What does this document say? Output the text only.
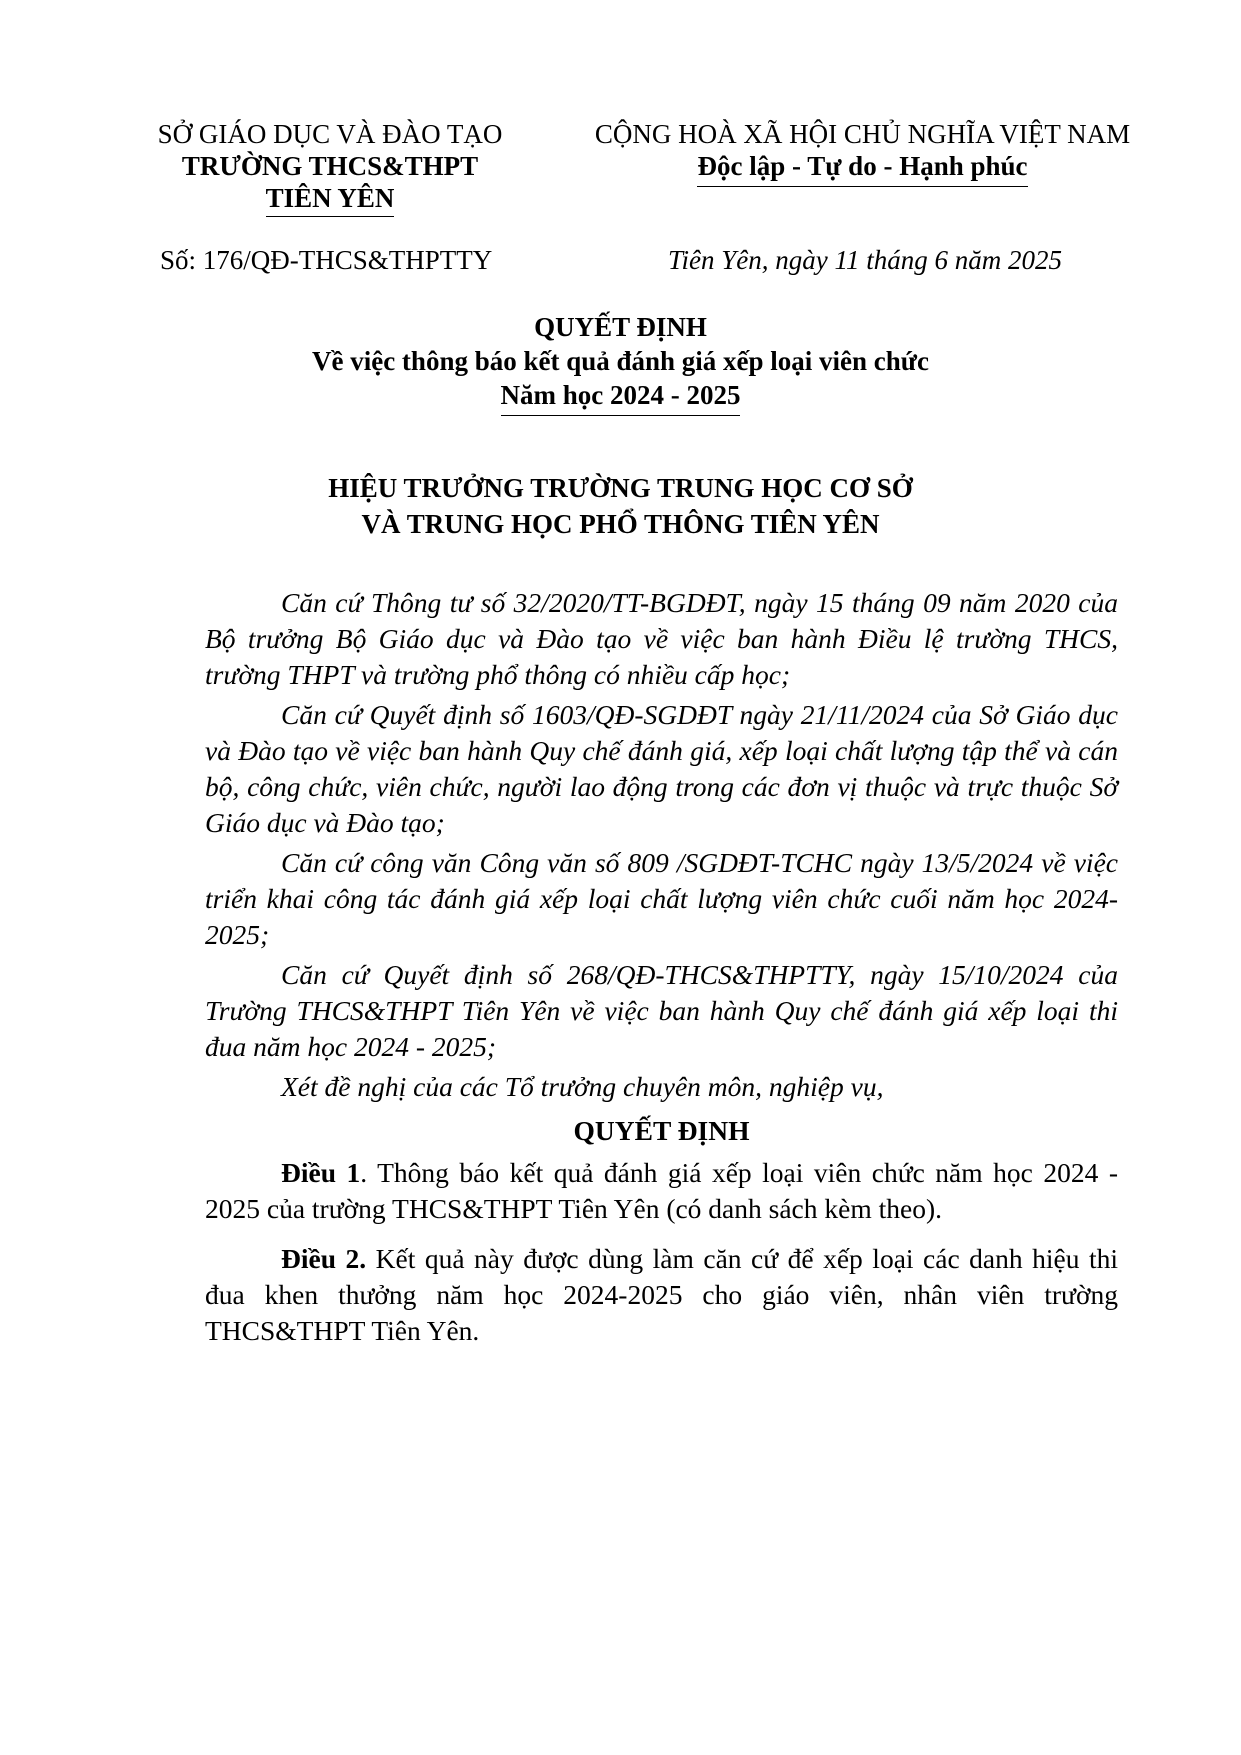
SỞ GIÁO DỤC VÀ ĐÀO TẠO
TRƯỜNG THCS&THPT
TIÊN YÊN
CỘNG HOÀ XÃ HỘI CHỦ NGHĨA VIỆT NAM
Độc lập - Tự do - Hạnh phúc
Số: 176/QĐ-THCS&THPTTY	Tiên Yên, ngày 11 tháng 6 năm 2025
QUYẾT ĐỊNH
Về việc thông báo kết quả đánh giá xếp loại viên chức
Năm học 2024 - 2025
HIỆU TRƯỞNG TRƯỜNG TRUNG HỌC CƠ SỞ
VÀ TRUNG HỌC PHỔ THÔNG TIÊN YÊN

Căn cứ Thông tư số 32/2020/TT-BGDĐT, ngày 15 tháng 09 năm 2020 của Bộ trưởng Bộ Giáo dục và Đào tạo về việc ban hành Điều lệ trường THCS, trường THPT và trường phổ thông có nhiều cấp học;

Căn cứ Quyết định số 1603/QĐ-SGDĐT ngày 21/11/2024 của Sở Giáo dục và Đào tạo về việc ban hành Quy chế đánh giá, xếp loại chất lượng tập thể và cán bộ, công chức, viên chức, người lao động trong các đơn vị thuộc và trực thuộc Sở Giáo dục và Đào tạo;

Căn cứ công văn Công văn số 809 /SGDĐT-TCHC ngày 13/5/2024 về việc triển khai công tác đánh giá xếp loại chất lượng viên chức cuối năm học 2024-2025;

Căn cứ Quyết định số 268/QĐ-THCS&THPTTY, ngày 15/10/2024 của Trường THCS&THPT Tiên Yên về việc ban hành Quy chế đánh giá xếp loại thi đua năm học 2024 - 2025;

Xét đề nghị của các Tổ trưởng chuyên môn, nghiệp vụ,

QUYẾT ĐỊNH

Điều 1. Thông báo kết quả đánh giá xếp loại viên chức năm học 2024 - 2025 của trường THCS&THPT Tiên Yên (có danh sách kèm theo).

Điều 2. Kết quả này được dùng làm căn cứ để xếp loại các danh hiệu thi đua khen thưởng năm học 2024-2025 cho giáo viên, nhân viên trường THCS&THPT Tiên Yên.
